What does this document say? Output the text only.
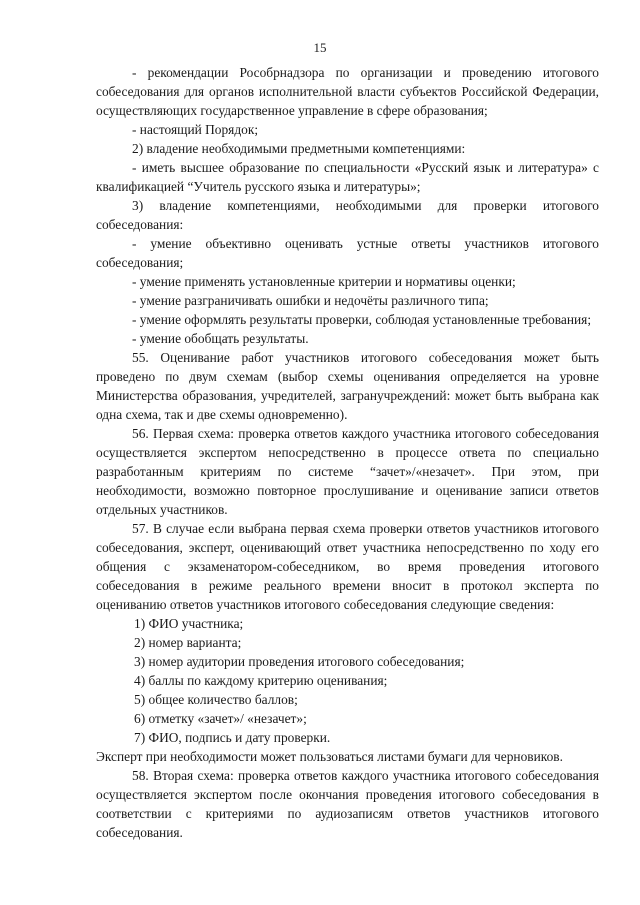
15

- рекомендации Рособрнадзора по организации и проведению итогового собеседования для органов исполнительной власти субъектов Российской Федерации, осуществляющих государственное управление в сфере образования;

- настоящий Порядок;

2) владение необходимыми предметными компетенциями:

- иметь высшее образование по специальности «Русский язык и литература» с квалификацией “Учитель русского языка и литературы»;

3) владение компетенциями, необходимыми для проверки итогового собеседования:

- умение объективно оценивать устные ответы участников итогового собеседования;

- умение применять установленные критерии и нормативы оценки;

- умение разграничивать ошибки и недочёты различного типа;

- умение оформлять результаты проверки, соблюдая установленные требования;

- умение обобщать результаты.

55. Оценивание работ участников итогового собеседования может быть проведено по двум схемам (выбор схемы оценивания определяется на уровне Министерства образования, учредителей, загранучреждений: может быть выбрана как одна схема, так и две схемы одновременно).

56. Первая схема: проверка ответов каждого участника итогового собеседования осуществляется экспертом непосредственно в процессе ответа по специально разработанным критериям по системе “зачет»/«незачет». При этом, при необходимости, возможно повторное прослушивание и оценивание записи ответов отдельных участников.

57. В случае если выбрана первая схема проверки ответов участников итогового собеседования, эксперт, оценивающий ответ участника непосредственно по ходу его общения с экзаменатором-собеседником, во время проведения итогового собеседования в режиме реального времени вносит в протокол эксперта по оцениванию ответов участников итогового собеседования следующие сведения:

1) ФИО участника;

2) номер варианта;

3) номер аудитории проведения итогового собеседования;

4) баллы по каждому критерию оценивания;

5) общее количество баллов;

6) отметку «зачет»/ «незачет»;

7) ФИО, подпись и дату проверки.

Эксперт при необходимости может пользоваться листами бумаги для черновиков.

58. Вторая схема: проверка ответов каждого участника итогового собеседования осуществляется экспертом после окончания проведения итогового собеседования в соответствии с критериями по аудиозаписям ответов участников итогового собеседования.
